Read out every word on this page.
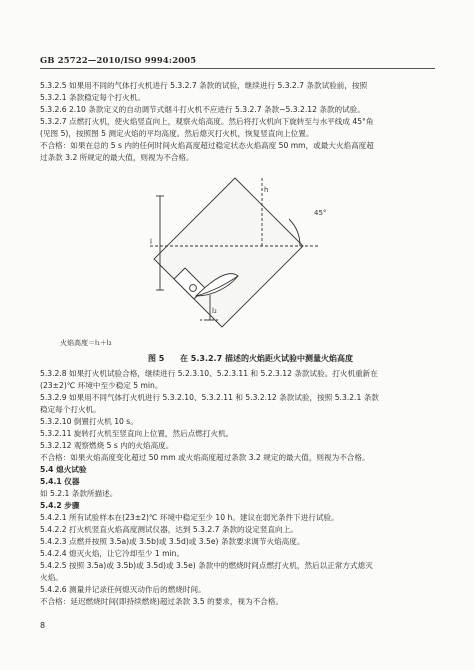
GB 25722—2010/ISO 9994:2005
5.3.2.5 如果用不同的气体打火机进行 5.3.2.7 条款的试验，继续进行 5.3.2.7 条款试验前，按照
5.3.2.1 条款稳定每个打火机。
5.3.2.6 2.10 条款定义的自动调节式烟斗打火机不应进行 5.3.2.7 条款~5.3.2.12 条款的试验。
5.3.2.7 点燃打火机，使火焰竖直向上，观察火焰高度。然后将打火机向下旋转至与水平线成 45°角
(见图 5)，按照图 5 测定火焰的平均高度。然后熄灭打火机，恢复竖直向上位置。
不合格：如果在总的 5 s 内的任何时间火焰高度超过稳定状态火焰高度 50 mm，或最大火焰高度超
过条款 3.2 所规定的最大值，则视为不合格。
45°
h
l
l₂
火焰高度＝l₁＋l₂
图 5 在 5.3.2.7 描述的火焰距火试验中测量火焰高度
5.3.2.8 如果打火机试验合格，继续进行 5.2.3.10、5.2.3.11 和 5.2.3.12 条款试验。打火机重新在
(23±2)℃ 环境中至少稳定 5 min。
5.3.2.9 如果用不同气体打火机进行 5.3.2.10、5.3.2.11 和 5.3.2.12 条款试验，按照 5.3.2.1 条款
稳定每个打火机。
5.3.2.10 倒置打火机 10 s。
5.3.2.11 旋转打火机至竖直向上位置，然后点燃打火机。
5.3.2.12 观察燃烧 5 s 内的火焰高度。
不合格：如果火焰高度变化超过 50 mm 或火焰高度超过条款 3.2 规定的最大值，则视为不合格。
5.4 熄火试验
5.4.1 仪器
如 5.2.1 条款所描述。
5.4.2 步骤
5.4.2.1 所有试验样本在(23±2)℃ 环境中稳定至少 10 h。建议在弱光条件下进行试验。
5.4.2.2 打火机竖直火焰高度测试仪器，达到 5.3.2.7 条款的设定竖直向上。
5.4.2.3 点燃并按照 3.5a)或 3.5b)或 3.5d)或 3.5e) 条款要求调节火焰高度。
5.4.2.4 熄灭火焰，让它冷却至少 1 min。
5.4.2.5 按照 3.5a)或 3.5b)或 3.5d)或 3.5e) 条款中的燃烧时间点燃打火机，然后以正常方式熄灭
火焰。
5.4.2.6 测量并记录任何熄灭动作后的燃烧时间。
不合格：延迟燃烧时间(即持续燃烧)超过条款 3.5 的要求，视为不合格。
8
